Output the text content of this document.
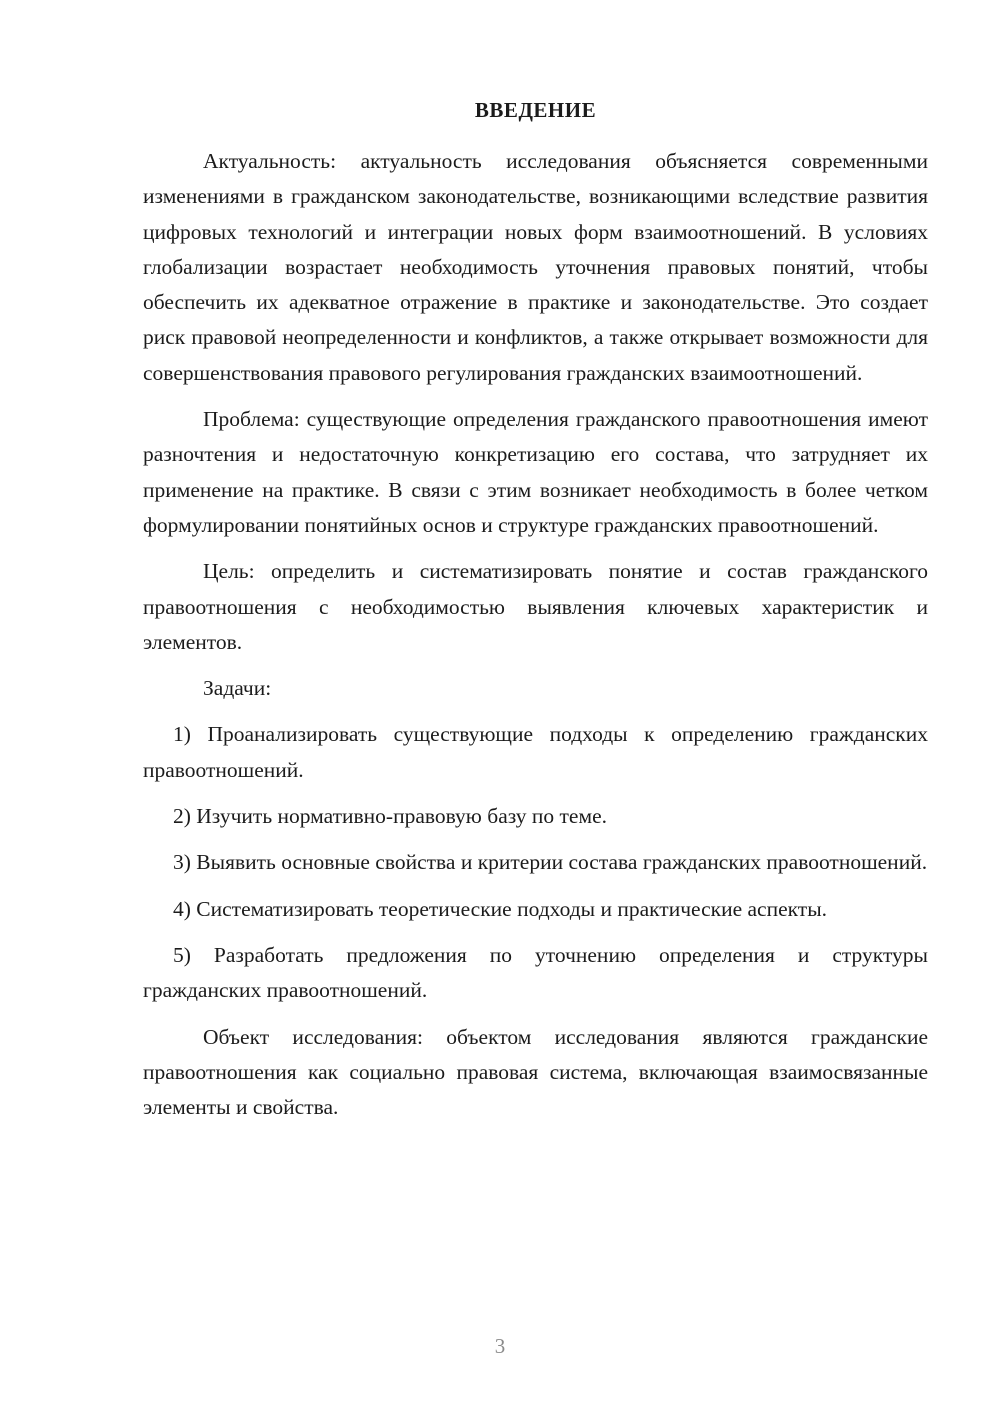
ВВЕДЕНИЕ

Актуальность: актуальность исследования объясняется современными изменениями в гражданском законодательстве, возникающими вследствие развития цифровых технологий и интеграции новых форм взаимоотношений. В условиях глобализации возрастает необходимость уточнения правовых понятий, чтобы обеспечить их адекватное отражение в практике и законодательстве. Это создает риск правовой неопределенности и конфликтов, а также открывает возможности для совершенствования правового регулирования гражданских взаимоотношений.

Проблема: существующие определения гражданского правоотношения имеют разночтения и недостаточную конкретизацию его состава, что затрудняет их применение на практике. В связи с этим возникает необходимость в более четком формулировании понятийных основ и структуре гражданских правоотношений.

Цель: определить и систематизировать понятие и состав гражданского правоотношения с необходимостью выявления ключевых характеристик и элементов.

Задачи:

1) Проанализировать существующие подходы к определению гражданских правоотношений.

2) Изучить нормативно-правовую базу по теме.

3) Выявить основные свойства и критерии состава гражданских правоотношений.

4) Систематизировать теоретические подходы и практические аспекты.

5) Разработать предложения по уточнению определения и структуры гражданских правоотношений.

Объект исследования: объектом исследования являются гражданские правоотношения как социально правовая система, включающая взаимосвязанные элементы и свойства.

3
